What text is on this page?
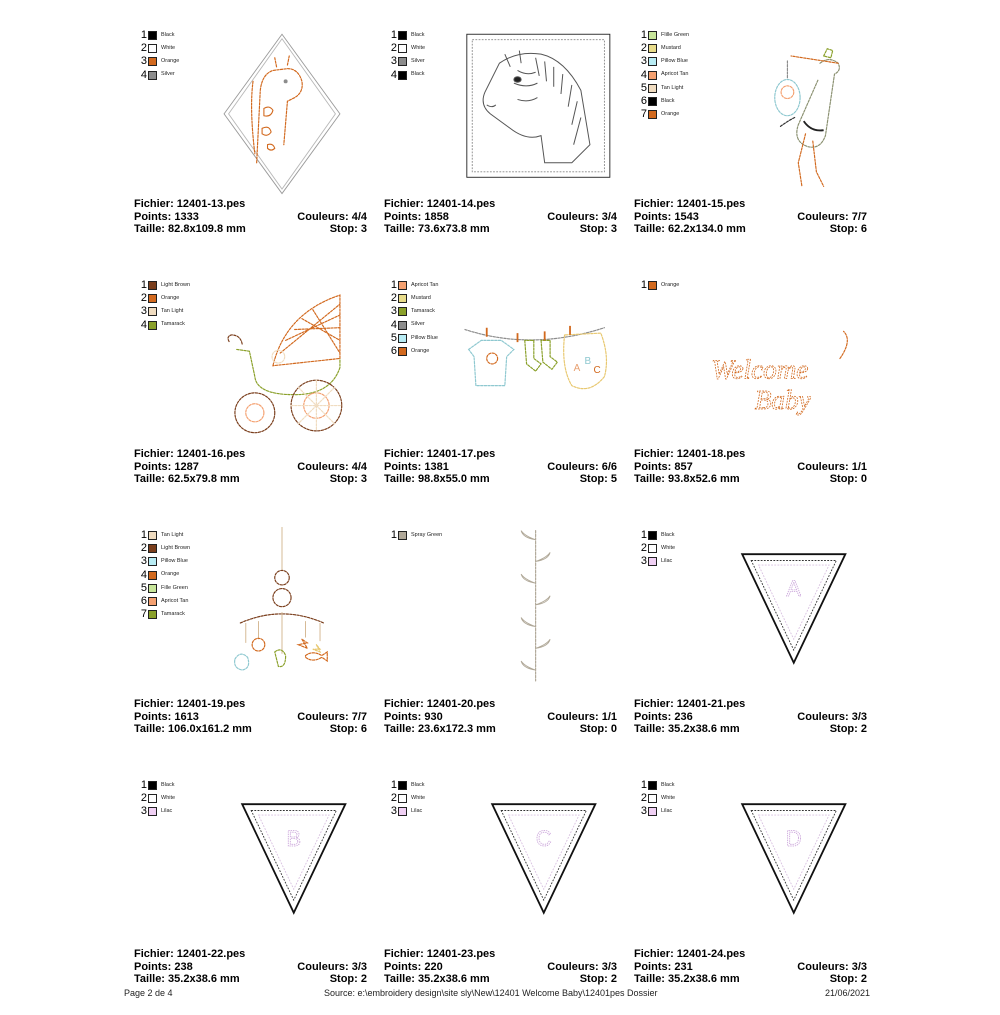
1	Black
2	White
3	Orange
4	Silver
Fichier: 12401-13.pes
Points: 1333	Couleurs: 4/4
Taille: 82.8x109.8 mm	Stop: 3
1	Black
2	White
3	Silver
4	Black
Fichier: 12401-14.pes
Points: 1858	Couleurs: 3/4
Taille: 73.6x73.8 mm	Stop: 3
1	Flille Green
2	Mustard
3	Pillow Blue
4	Apricot Tan
5	Tan Light
6	Black
7	Orange
Fichier: 12401-15.pes
Points: 1543	Couleurs: 7/7
Taille: 62.2x134.0 mm	Stop: 6
1	Light Brown
2	Orange
3	Tan Light
4	Tamarack
Fichier: 12401-16.pes
Points: 1287	Couleurs: 4/4
Taille: 62.5x79.8 mm	Stop: 3
1	Apricot Tan
2	Mustard
3	Tamarack
4	Silver
5	Pillow Blue
6	Orange
A
B
C
Fichier: 12401-17.pes
Points: 1381	Couleurs: 6/6
Taille: 98.8x55.0 mm	Stop: 5
1	Orange
Welcome
Baby
Fichier: 12401-18.pes
Points: 857	Couleurs: 1/1
Taille: 93.8x52.6 mm	Stop: 0
1	Tan Light
2	Light Brown
3	Pillow Blue
4	Orange
5	Fille Green
6	Apricot Tan
7	Tamarack
Fichier: 12401-19.pes
Points: 1613	Couleurs: 7/7
Taille: 106.0x161.2 mm	Stop: 6
1	Spray Green
Fichier: 12401-20.pes
Points: 930	Couleurs: 1/1
Taille: 23.6x172.3 mm	Stop: 0
1	Black
2	White
3	Lilac
A
Fichier: 12401-21.pes
Points: 236	Couleurs: 3/3
Taille: 35.2x38.6 mm	Stop: 2
1	Black
2	White
3	Lilac
B
Fichier: 12401-22.pes
Points: 238	Couleurs: 3/3
Taille: 35.2x38.6 mm	Stop: 2
1	Black
2	White
3	Lilac
C
Fichier: 12401-23.pes
Points: 220	Couleurs: 3/3
Taille: 35.2x38.6 mm	Stop: 2
1	Black
2	White
3	Lilac
D
Fichier: 12401-24.pes
Points: 231	Couleurs: 3/3
Taille: 35.2x38.6 mm	Stop: 2
Page 2 de 4	Source: e:\embroidery design\site sly\New\12401 Welcome Baby\12401pes Dossier	21/06/2021
